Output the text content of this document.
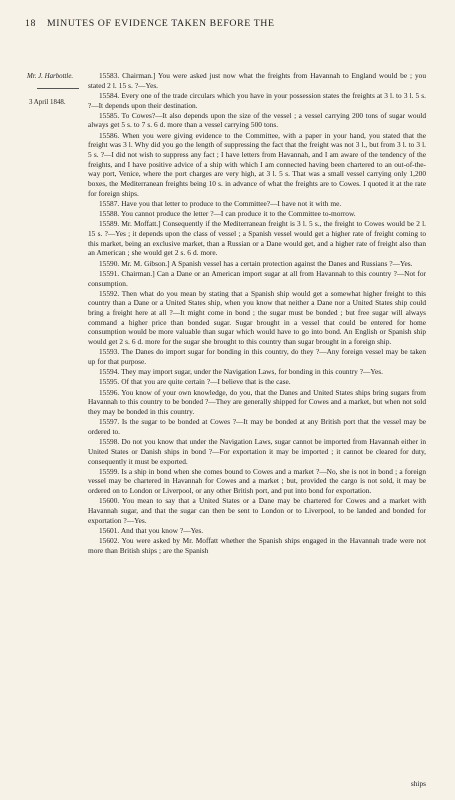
18 MINUTES OF EVIDENCE TAKEN BEFORE THE
Mr. J. Harbottle.
3 April 1848.

15583. Chairman.] You were asked just now what the freights from Havannah to England would be ; you stated 2 l. 15 s. ?—Yes.

15584. Every one of the trade circulars which you have in your possession states the freights at 3 l. to 3 l. 5 s. ?—It depends upon their destination.

15585. To Cowes?—It also depends upon the size of the vessel ; a vessel carrying 200 tons of sugar would always get 5 s. to 7 s. 6 d. more than a vessel carrying 500 tons.

15586. When you were giving evidence to the Committee, with a paper in your hand, you stated that the freight was 3 l. Why did you go the length of suppressing the fact that the freight was not 3 l., but from 3 l. to 3 l. 5 s. ?—I did not wish to suppress any fact ; I have letters from Havannah, and I am aware of the tendency of the freights, and I have positive advice of a ship with which I am connected having been chartered to an out-of-the-way port, Venice, where the port charges are very high, at 3 l. 5 s. That was a small vessel carrying only 1,200 boxes, the Mediterranean freights being 10 s. in advance of what the freights are to Cowes. I quoted it at the rate for foreign ships.

15587. Have you that letter to produce to the Committee?—I have not it with me.

15588. You cannot produce the letter ?—I can produce it to the Committee to-morrow.

15589. Mr. Moffatt.] Consequently if the Mediterranean freight is 3 l. 5 s., the freight to Cowes would be 2 l. 15 s. ?—Yes ; it depends upon the class of vessel ; a Spanish vessel would get a higher rate of freight coming to this market, being an exclusive market, than a Russian or a Dane would get, and a higher rate of freight also than an American ; she would get 2 s. 6 d. more.

15590. Mr. M. Gibson.] A Spanish vessel has a certain protection against the Danes and Russians ?—Yes.

15591. Chairman.] Can a Dane or an American import sugar at all from Havannah to this country ?—Not for consumption.

15592. Then what do you mean by stating that a Spanish ship would get a somewhat higher freight to this country than a Dane or a United States ship, when you know that neither a Dane nor a United States ship could bring a freight here at all ?—It might come in bond ; the sugar must be bonded ; but free sugar will always command a higher price than bonded sugar. Sugar brought in a vessel that could be entered for home consumption would be more valuable than sugar which would have to go into bond. An English or Spanish ship would get 2 s. 6 d. more for the sugar she brought to this country than sugar brought in a foreign ship.

15593. The Danes do import sugar for bonding in this country, do they ?—Any foreign vessel may be taken up for that purpose.

15594. They may import sugar, under the Navigation Laws, for bonding in this country ?—Yes.

15595. Of that you are quite certain ?—I believe that is the case.

15596. You know of your own knowledge, do you, that the Danes and United States ships bring sugars from Havannah to this country to be bonded ?—They are generally shipped for Cowes and a market, but when not sold they may be bonded in this country.

15597. Is the sugar to be bonded at Cowes ?—It may be bonded at any British port that the vessel may be ordered to.

15598. Do not you know that under the Navigation Laws, sugar cannot be imported from Havannah either in United States or Danish ships in bond ?—For exportation it may be imported ; it cannot be cleared for duty, consequently it must be exported.

15599. Is a ship in bond when she comes bound to Cowes and a market ?—No, she is not in bond ; a foreign vessel may be chartered in Havannah for Cowes and a market ; but, provided the cargo is not sold, it may be ordered on to London or Liverpool, or any other British port, and put into bond for exportation.

15600. You mean to say that a United States or a Dane may be chartered for Cowes and a market with Havannah sugar, and that the sugar can then be sent to London or to Liverpool, to be landed and bonded for exportation ?—Yes.

15601. And that you know ?—Yes.

15602. You were asked by Mr. Moffatt whether the Spanish ships engaged in the Havannah trade were not more than British ships ; are the Spanish

ships
